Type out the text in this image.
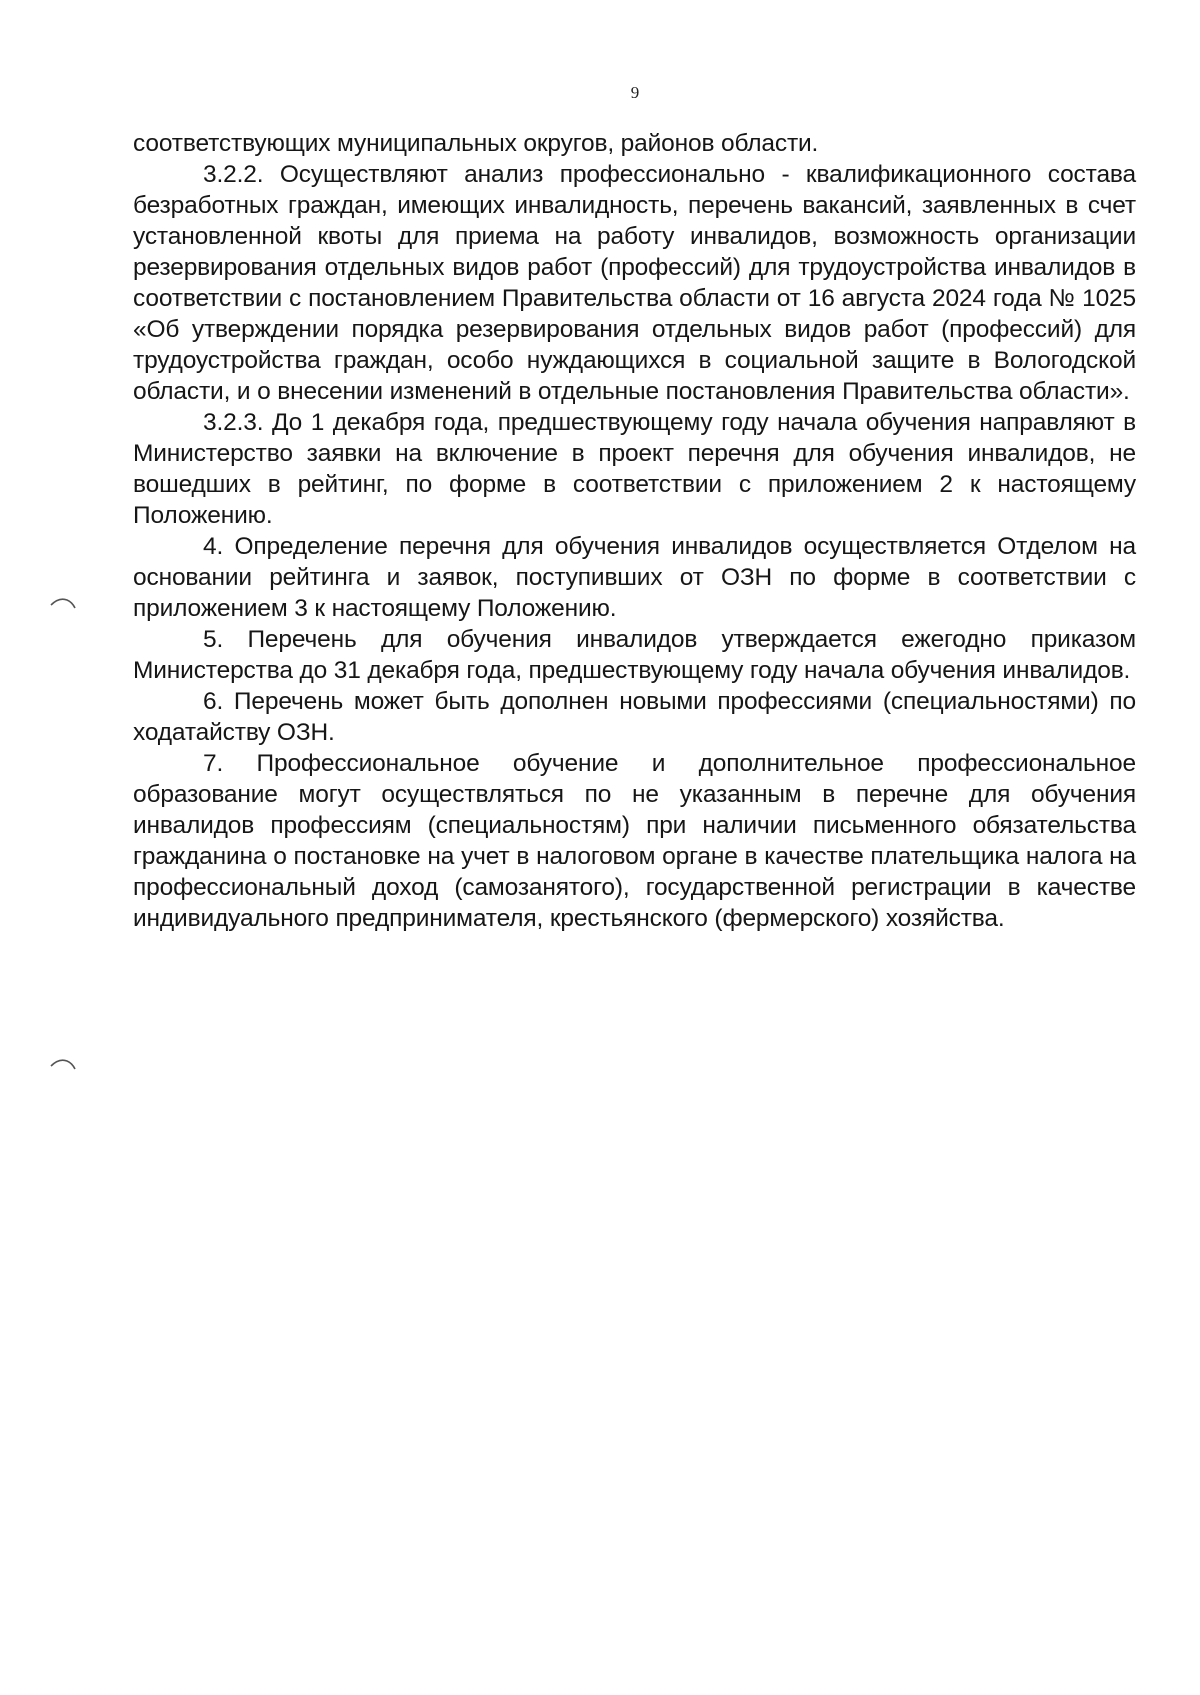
9

соответствующих муниципальных округов, районов области.

3.2.2. Осуществляют анализ профессионально - квалификационного состава безработных граждан, имеющих инвалидность, перечень вакансий, заявленных в счет установленной квоты для приема на работу инвалидов, возможность организации резервирования отдельных видов работ (профессий) для трудоустройства инвалидов в соответствии с постановлением Правительства области от 16 августа 2024 года № 1025 «Об утверждении порядка резервирования отдельных видов работ (профессий) для трудоустройства граждан, особо нуждающихся в социальной защите в Вологодской области, и о внесении изменений в отдельные постановления Правительства области».

3.2.3. До 1 декабря года, предшествующему году начала обучения направляют в Министерство заявки на включение в проект перечня для обучения инвалидов, не вошедших в рейтинг, по форме в соответствии с приложением 2 к настоящему Положению.

4. Определение перечня для обучения инвалидов осуществляется Отделом на основании рейтинга и заявок, поступивших от ОЗН по форме в соответствии с приложением 3 к настоящему Положению.

5. Перечень для обучения инвалидов утверждается ежегодно приказом Министерства до 31 декабря года, предшествующему году начала обучения инвалидов.

6. Перечень может быть дополнен новыми профессиями (специальностями) по ходатайству ОЗН.

7. Профессиональное обучение и дополнительное профессиональное образование могут осуществляться по не указанным в перечне для обучения инвалидов профессиям (специальностям) при наличии письменного обязательства гражданина о постановке на учет в налоговом органе в качестве плательщика налога на профессиональный доход (самозанятого), государственной регистрации в качестве индивидуального предпринимателя, крестьянского (фермерского) хозяйства.
